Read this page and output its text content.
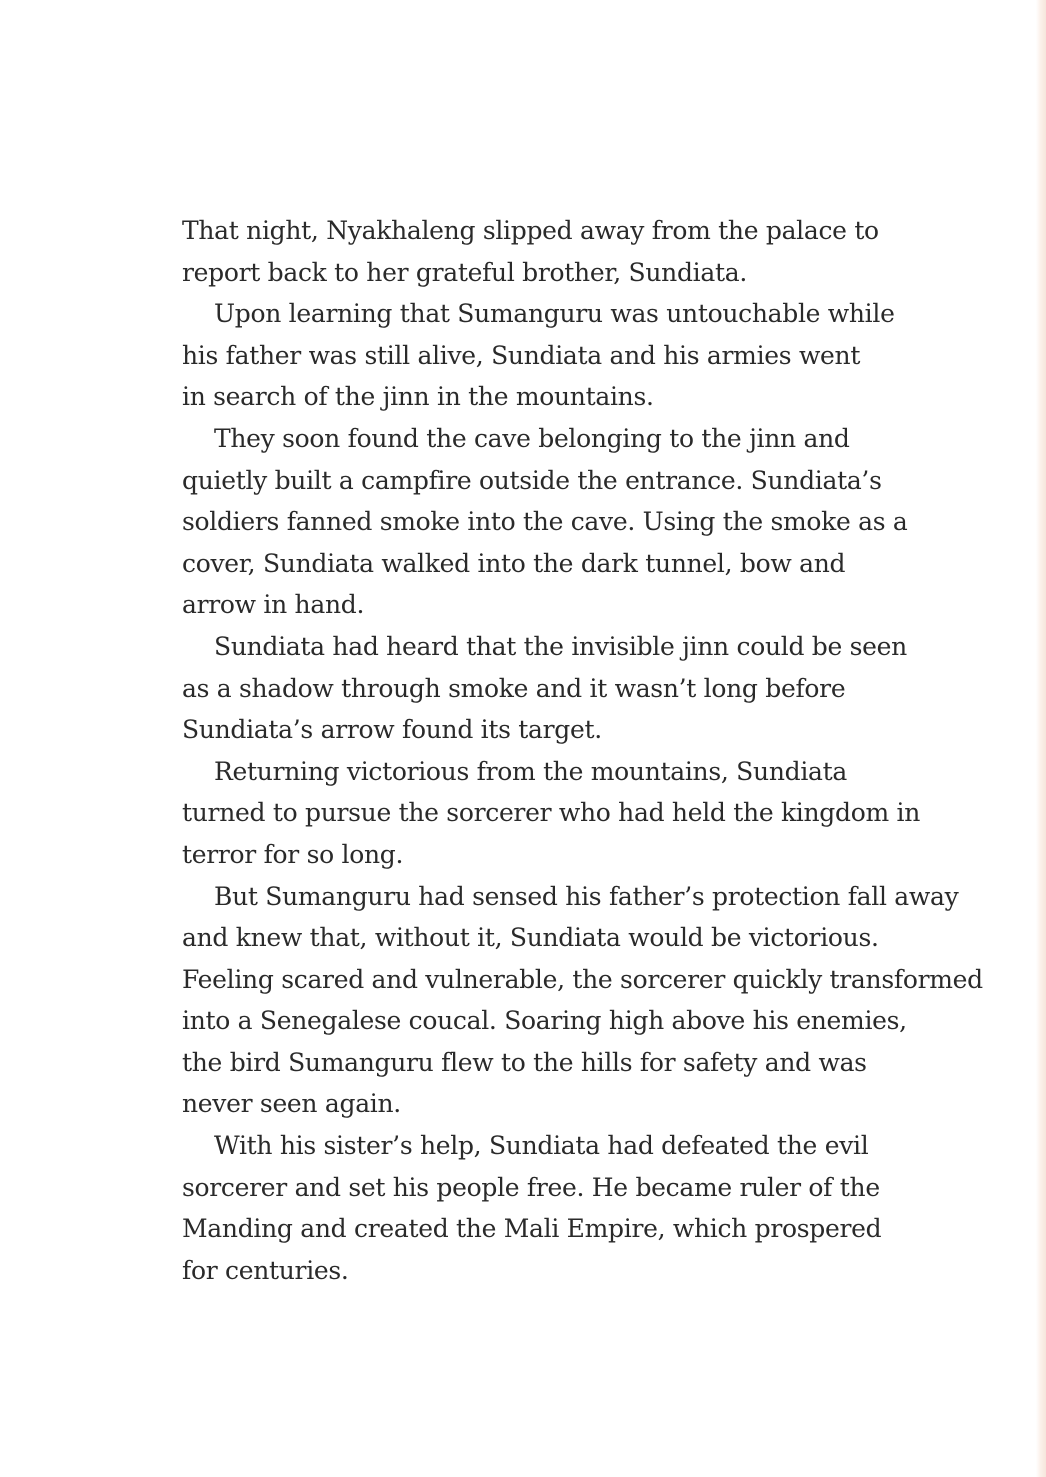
That night, Nyakhaleng slipped away from the palace to
report back to her grateful brother, Sundiata.

Upon learning that Sumanguru was untouchable while
his father was still alive, Sundiata and his armies went
in search of the jinn in the mountains.

They soon found the cave belonging to the jinn and
quietly built a campfire outside the entrance. Sundiata’s
soldiers fanned smoke into the cave. Using the smoke as a
cover, Sundiata walked into the dark tunnel, bow and
arrow in hand.

Sundiata had heard that the invisible jinn could be seen
as a shadow through smoke and it wasn’t long before
Sundiata’s arrow found its target.

Returning victorious from the mountains, Sundiata
turned to pursue the sorcerer who had held the kingdom in
terror for so long.

But Sumanguru had sensed his father’s protection fall away
and knew that, without it, Sundiata would be victorious.
Feeling scared and vulnerable, the sorcerer quickly transformed
into a Senegalese coucal. Soaring high above his enemies,
the bird Sumanguru flew to the hills for safety and was
never seen again.

With his sister’s help, Sundiata had defeated the evil
sorcerer and set his people free. He became ruler of the
Manding and created the Mali Empire, which prospered
for centuries.
